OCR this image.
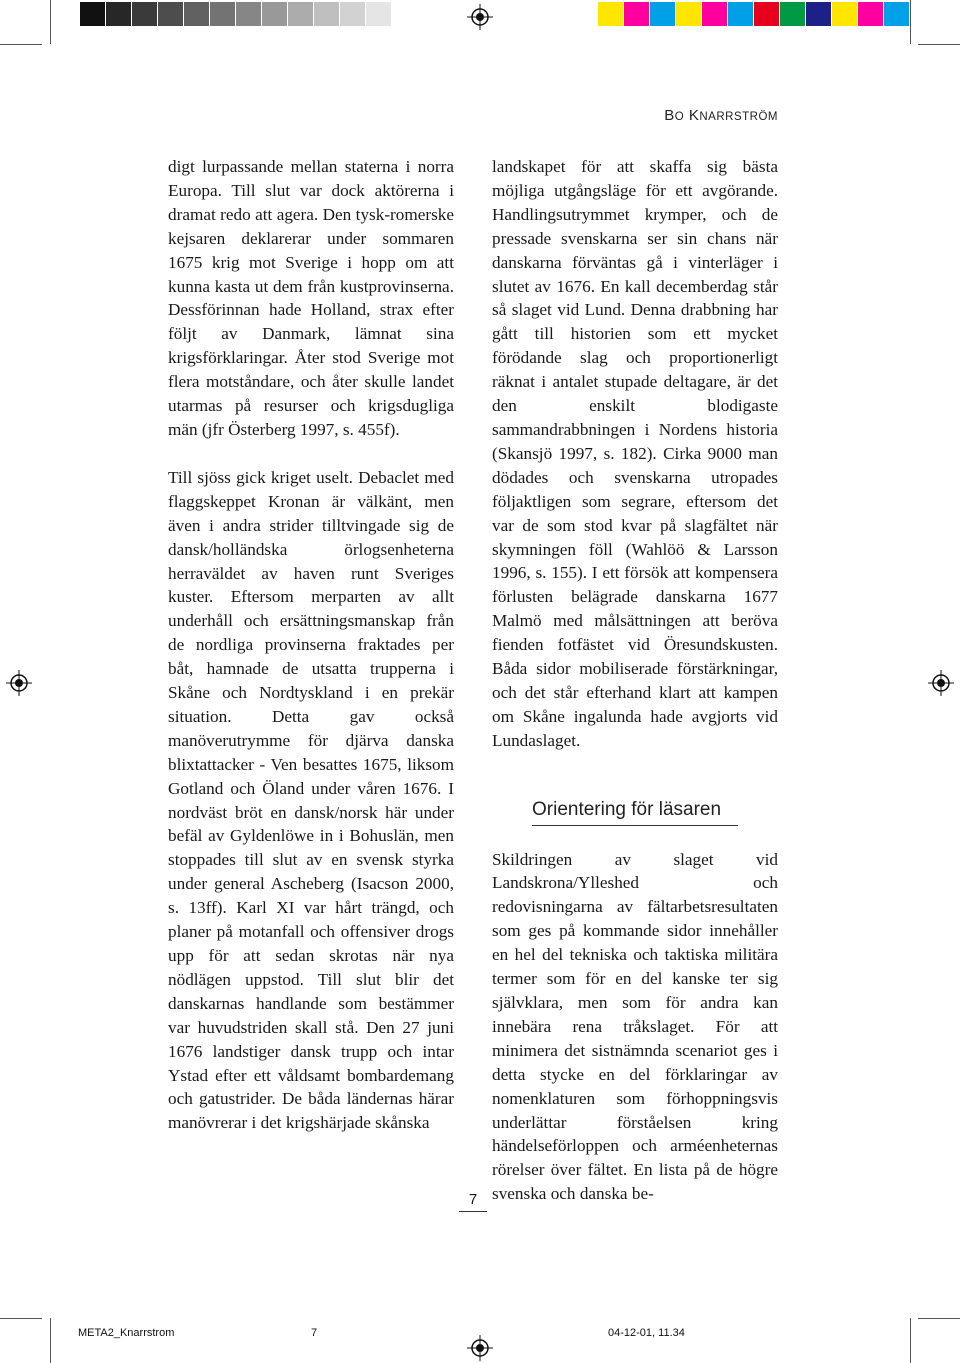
BO KNARRSTRÖM

digt lurpassande mellan staterna i norra Europa. Till slut var dock aktörerna i dramat redo att agera. Den tysk-romerske kejsaren deklarerar under sommaren 1675 krig mot Sverige i hopp om att kunna kasta ut dem från kustprovinserna. Dessförinnan hade Holland, strax efter följt av Danmark, lämnat sina krigsförklaringar. Åter stod Sverige mot flera motståndare, och åter skulle landet utarmas på resurser och krigsdugliga män (jfr Österberg 1997, s. 455f).

Till sjöss gick kriget uselt. Debaclet med flaggskeppet Kronan är välkänt, men även i andra strider tilltvingade sig de dansk/holländska örlogsenheterna herraväldet av haven runt Sveriges kuster. Eftersom merparten av allt underhåll och ersättningsmanskap från de nordliga provinserna fraktades per båt, hamnade de utsatta trupperna i Skåne och Nordtyskland i en prekär situation. Detta gav också manöverutrymme för djärva danska blixtattacker - Ven besattes 1675, liksom Gotland och Öland under våren 1676. I nordväst bröt en dansk/norsk här under befäl av Gyldenlöwe in i Bohuslän, men stoppades till slut av en svensk styrka under general Ascheberg (Isacson 2000, s. 13ff). Karl XI var hårt trängd, och planer på motanfall och offensiver drogs upp för att sedan skrotas när nya nödlägen uppstod. Till slut blir det danskarnas handlande som bestämmer var huvudstriden skall stå. Den 27 juni 1676 landstiger dansk trupp och intar Ystad efter ett våldsamt bombardemang och gatustrider. De båda ländernas härar manövrerar i det krigshärjade skånska

landskapet för att skaffa sig bästa möjliga utgångsläge för ett avgörande. Handlingsutrymmet krymper, och de pressade svenskarna ser sin chans när danskarna förväntas gå i vinterläger i slutet av 1676. En kall decemberdag står så slaget vid Lund. Denna drabbning har gått till historien som ett mycket förödande slag och proportionerligt räknat i antalet stupade deltagare, är det den enskilt blodigaste sammandrabbningen i Nordens historia (Skansjö 1997, s. 182). Cirka 9000 man dödades och svenskarna utropades följaktligen som segrare, eftersom det var de som stod kvar på slagfältet när skymningen föll (Wahlöö & Larsson 1996, s. 155). I ett försök att kompensera förlusten belägrade danskarna 1677 Malmö med målsättningen att beröva fienden fotfästet vid Öresundskusten. Båda sidor mobiliserade förstärkningar, och det står efterhand klart att kampen om Skåne ingalunda hade avgjorts vid Lundaslaget.

Orientering för läsaren

Skildringen av slaget vid Landskrona/Ylleshed och redovisningarna av fältarbetsresultaten som ges på kommande sidor innehåller en hel del tekniska och taktiska militära termer som för en del kanske ter sig självklara, men som för andra kan innebära rena tråkslaget. För att minimera det sistnämnda scenariot ges i detta stycke en del förklaringar av nomenklaturen som förhoppningsvis underlättar förståelsen kring händelseförloppen och arméenheternas rörelser över fältet. En lista på de högre svenska och danska be-

7
META2_Knarrstrom	7	04-12-01, 11.34
